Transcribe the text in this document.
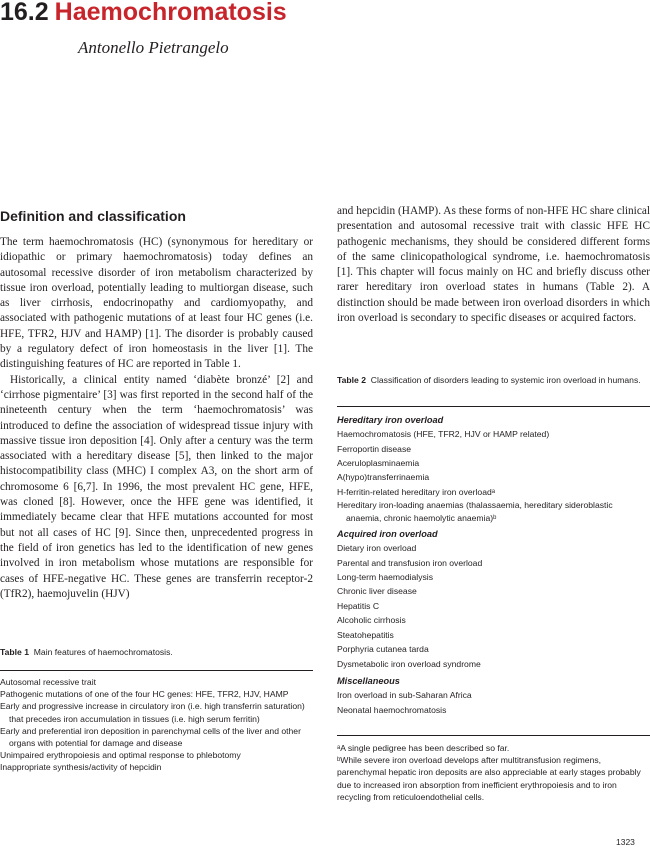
16.2 Haemochromatosis
Antonello Pietrangelo
Definition and classification

The term haemochromatosis (HC) (synonymous for hereditary or idiopathic or primary haemochromatosis) today defines an autosomal recessive disorder of iron metabolism characterized by tissue iron overload, potentially leading to multiorgan disease, such as liver cirrhosis, endocrinopathy and cardiomyopathy, and associated with pathogenic mutations of at least four HC genes (i.e. HFE, TFR2, HJV and HAMP) [1]. The disorder is probably caused by a regulatory defect of iron homeostasis in the liver [1]. The distinguishing features of HC are reported in Table 1.

Historically, a clinical entity named ‘diabète bronzé’ [2] and ‘cirrhose pigmentaire’ [3] was first reported in the second half of the nineteenth century when the term ‘haemochromatosis’ was introduced to define the association of widespread tissue injury with massive tissue iron deposition [4]. Only after a century was the term associated with a hereditary disease [5], then linked to the major histocompatibility class (MHC) I complex A3, on the short arm of chromosome 6 [6,7]. In 1996, the most prevalent HC gene, HFE, was cloned [8]. However, once the HFE gene was identified, it immediately became clear that HFE mutations accounted for most but not all cases of HC [9]. Since then, unprecedented progress in the field of iron genetics has led to the identification of new genes involved in iron metabolism whose mutations are responsible for cases of HFE-negative HC. These genes are transferrin receptor-2 (TfR2), haemojuvelin (HJV)

and hepcidin (HAMP). As these forms of non-HFE HC share clinical presentation and autosomal recessive trait with classic HFE HC pathogenic mechanisms, they should be considered different forms of the same clinicopathological syndrome, i.e. haemochromatosis [1]. This chapter will focus mainly on HC and briefly discuss other rarer hereditary iron overload states in humans (Table 2). A distinction should be made between iron overload disorders in which iron overload is secondary to specific diseases or acquired factors.

Table 1 Main features of haemochromatosis.
Autosomal recessive trait
Pathogenic mutations of one of the four HC genes: HFE, TFR2, HJV, HAMP
Early and progressive increase in circulatory iron (i.e. high transferrin saturation) that precedes iron accumulation in tissues (i.e. high serum ferritin)
Early and preferential iron deposition in parenchymal cells of the liver and other organs with potential for damage and disease
Unimpaired erythropoiesis and optimal response to phlebotomy
Inappropriate synthesis/activity of hepcidin
Table 2 Classification of disorders leading to systemic iron overload in humans.
Hereditary iron overload
Haemochromatosis (HFE, TFR2, HJV or HAMP related)
Ferroportin disease
Aceruloplasminaemia
A(hypo)transferrinaemia
H-ferritin-related hereditary iron overloadᵃ
Hereditary iron-loading anaemias (thalassaemia, hereditary sideroblastic anaemia, chronic haemolytic anaemia)ᵇ
Acquired iron overload
Dietary iron overload
Parental and transfusion iron overload
Long-term haemodialysis
Chronic liver disease
Hepatitis C
Alcoholic cirrhosis
Steatohepatitis
Porphyria cutanea tarda
Dysmetabolic iron overload syndrome
Miscellaneous
Iron overload in sub-Saharan Africa
Neonatal haemochromatosis
ᵃA single pedigree has been described so far.
ᵇWhile severe iron overload develops after multitransfusion regimens, parenchymal hepatic iron deposits are also appreciable at early stages probably due to increased iron absorption from inefficient erythropoiesis and to iron recycling from reticuloendothelial cells.
1323
